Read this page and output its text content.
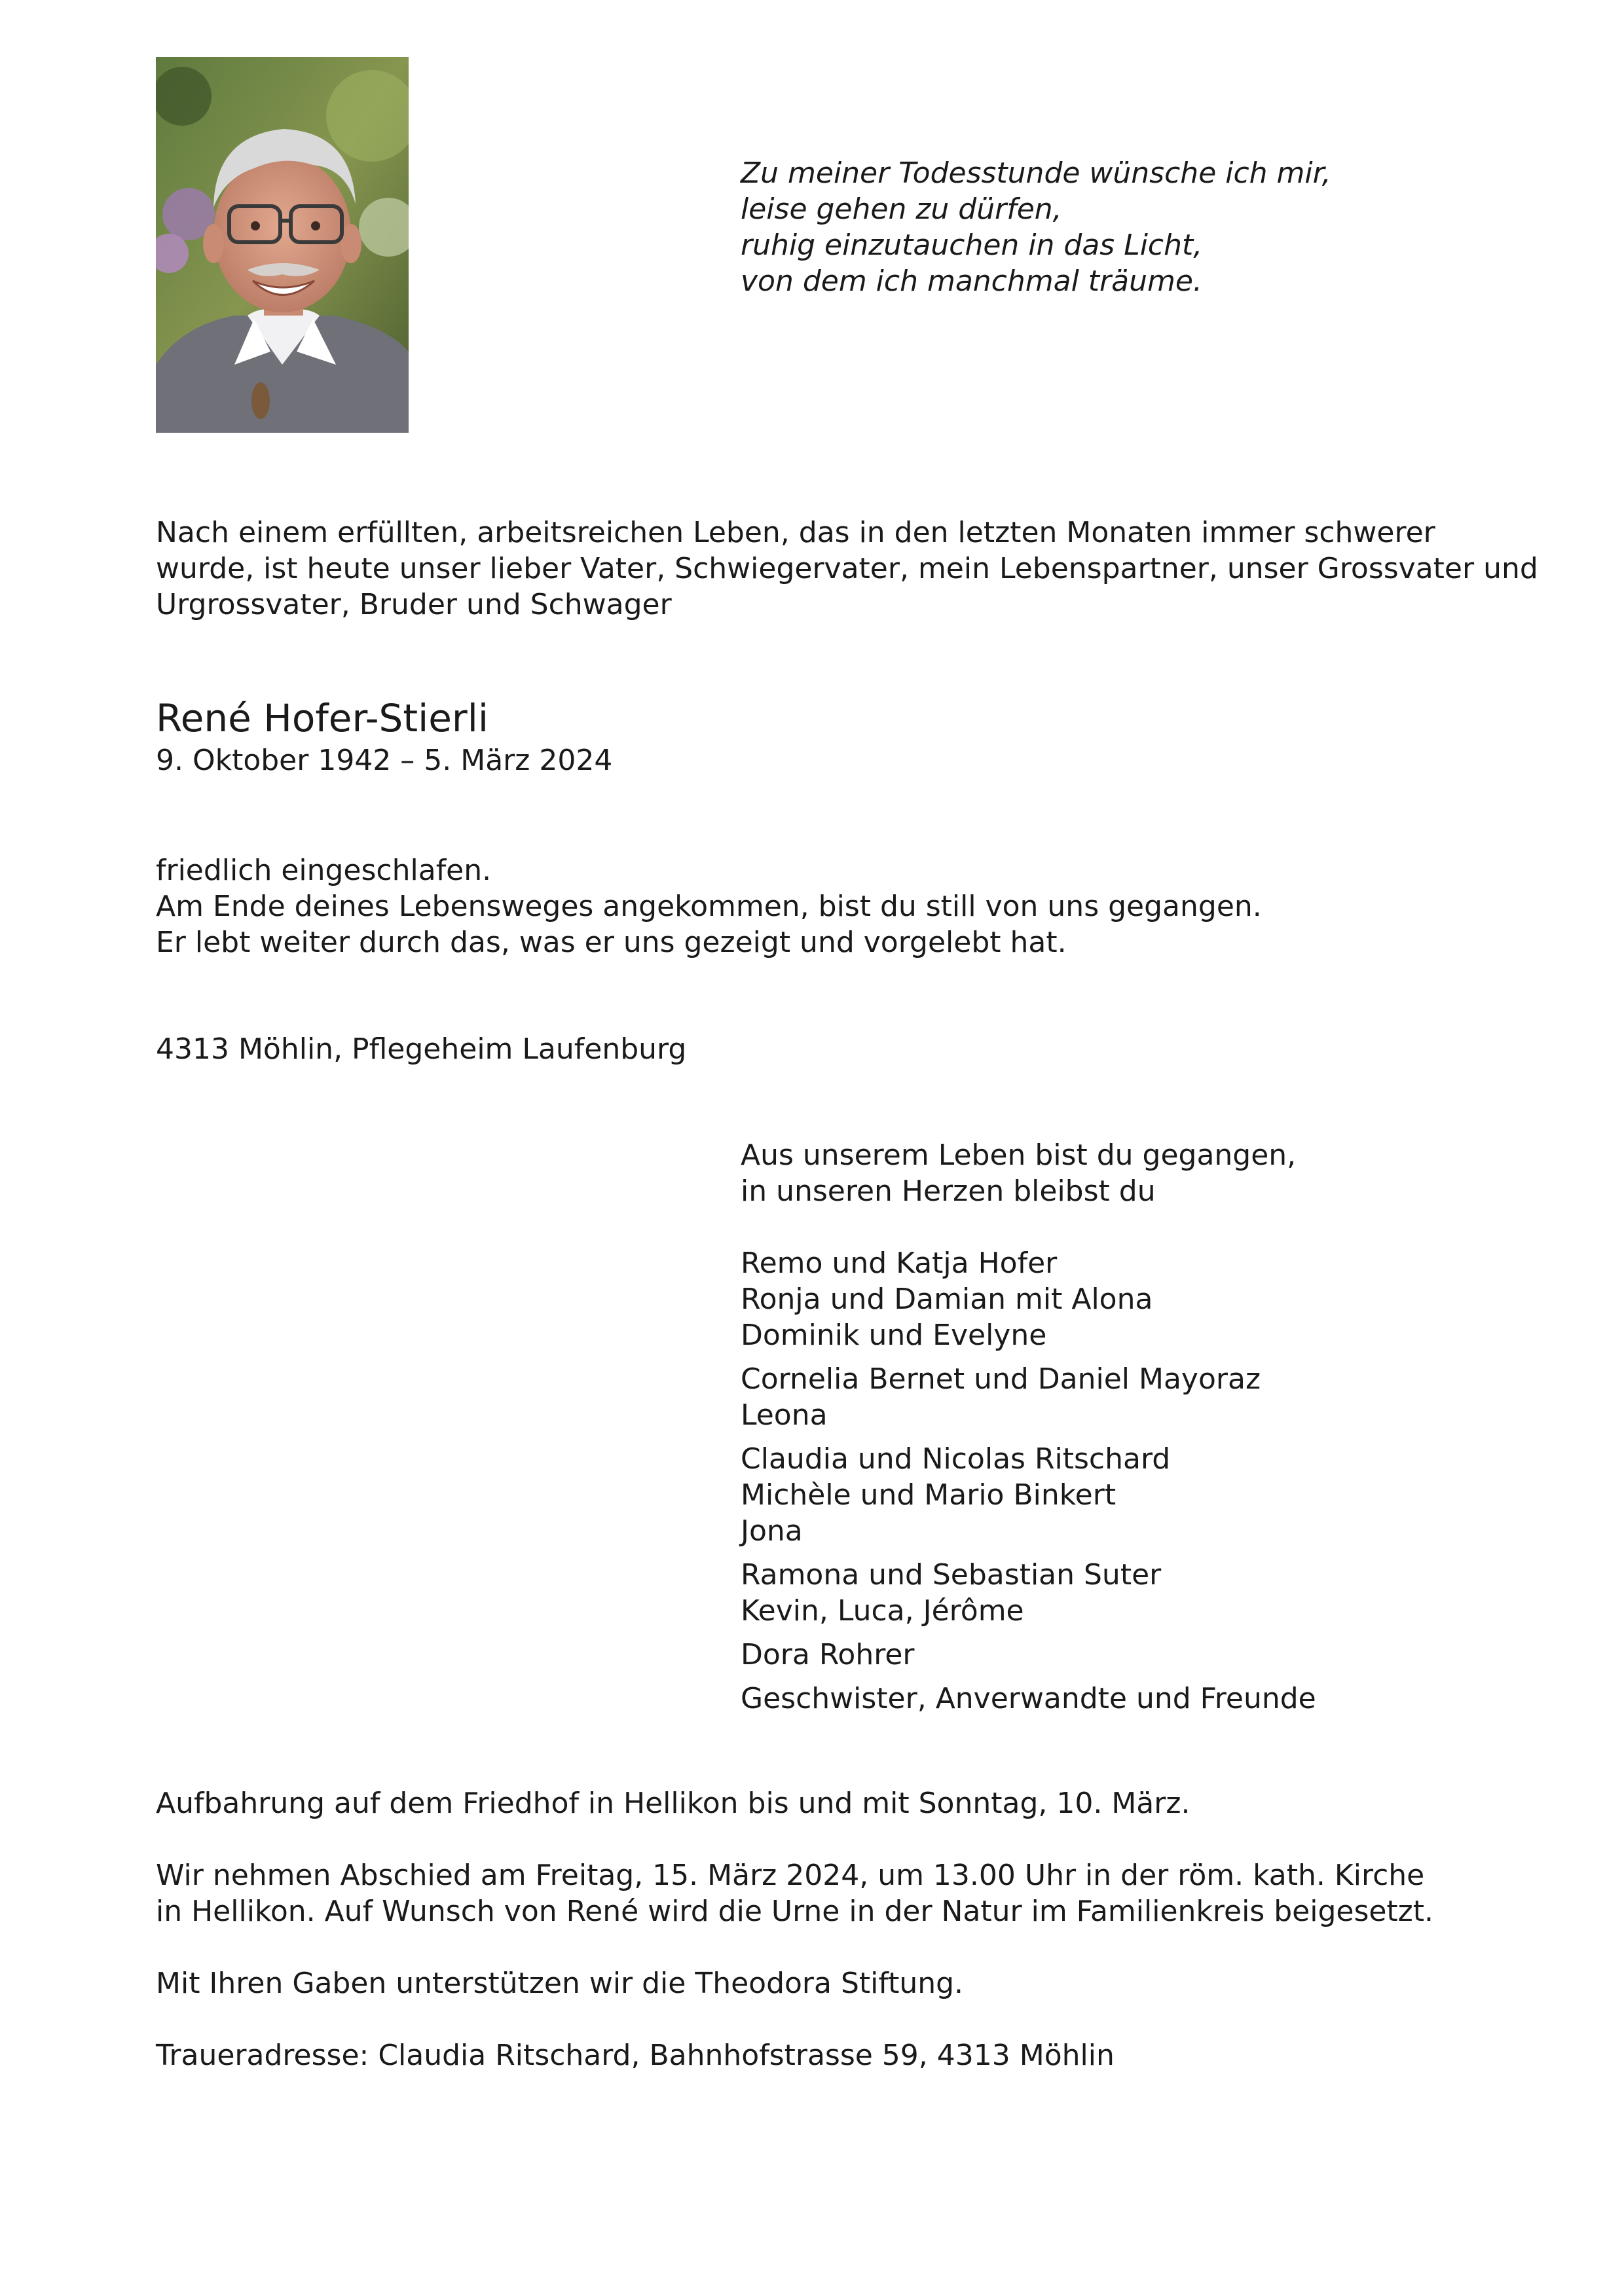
Zu meiner Todesstunde wünsche ich mir,
leise gehen zu dürfen,
ruhig einzutauchen in das Licht,
von dem ich manchmal träume.
Nach einem erfüllten, arbeitsreichen Leben, das in den letzten Monaten immer schwerer
wurde, ist heute unser lieber Vater, Schwiegervater, mein Lebenspartner, unser Grossvater und
Urgrossvater, Bruder und Schwager
René Hofer-Stierli
9. Oktober 1942 – 5. März 2024
friedlich eingeschlafen.
Am Ende deines Lebensweges angekommen, bist du still von uns gegangen.
Er lebt weiter durch das, was er uns gezeigt und vorgelebt hat.
4313 Möhlin, Pflegeheim Laufenburg
Aus unserem Leben bist du gegangen,
in unseren Herzen bleibst du
Remo und Katja Hofer
Ronja und Damian mit Alona
Dominik und Evelyne
Cornelia Bernet und Daniel Mayoraz
Leona
Claudia und Nicolas Ritschard
Michèle und Mario Binkert
Jona
Ramona und Sebastian Suter
Kevin, Luca, Jérôme
Dora Rohrer
Geschwister, Anverwandte und Freunde
Aufbahrung auf dem Friedhof in Hellikon bis und mit Sonntag, 10. März.
Wir nehmen Abschied am Freitag, 15. März 2024, um 13.00 Uhr in der röm. kath. Kirche
in Hellikon. Auf Wunsch von René wird die Urne in der Natur im Familienkreis beigesetzt.
Mit Ihren Gaben unterstützen wir die Theodora Stiftung.
Traueradresse: Claudia Ritschard, Bahnhofstrasse 59, 4313 Möhlin
